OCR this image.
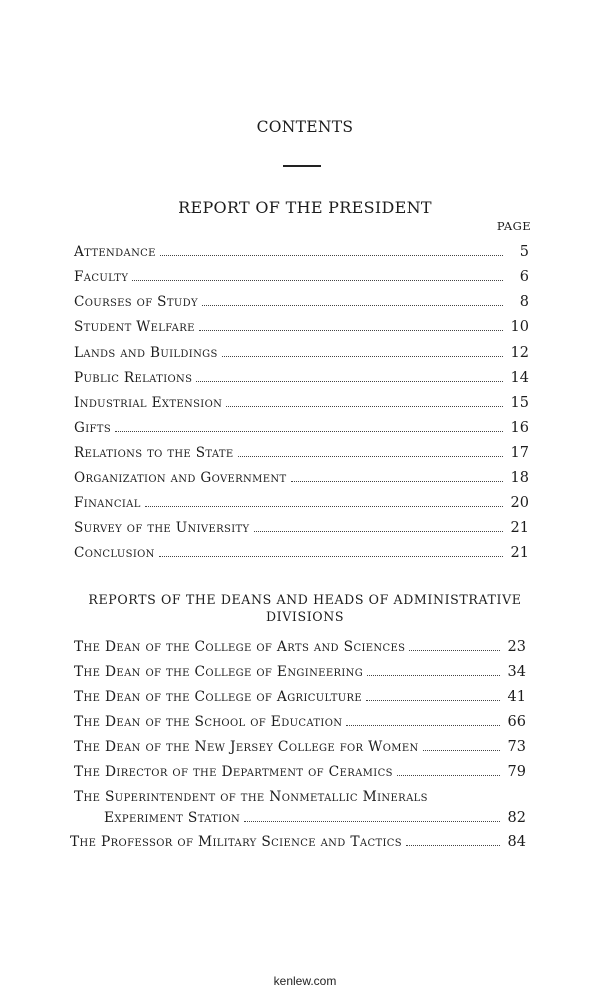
CONTENTS
REPORT OF THE PRESIDENT
PAGE
Attendance	5
Faculty	6
Courses of Study	8
Student Welfare	10
Lands and Buildings	12
Public Relations	14
Industrial Extension	15
Gifts	16
Relations to the State	17
Organization and Government	18
Financial	20
Survey of the University	21
Conclusion	21
REPORTS OF THE DEANS AND HEADS OF ADMINISTRATIVE
DIVISIONS
The Dean of the College of Arts and Sciences	23
The Dean of the College of Engineering	34
The Dean of the College of Agriculture	41
The Dean of the School of Education	66
The Dean of the New Jersey College for Women	73
The Director of the Department of Ceramics	79
The Superintendent of the Nonmetallic Minerals
Experiment Station	82
The Professor of Military Science and Tactics	84
kenlew.com
